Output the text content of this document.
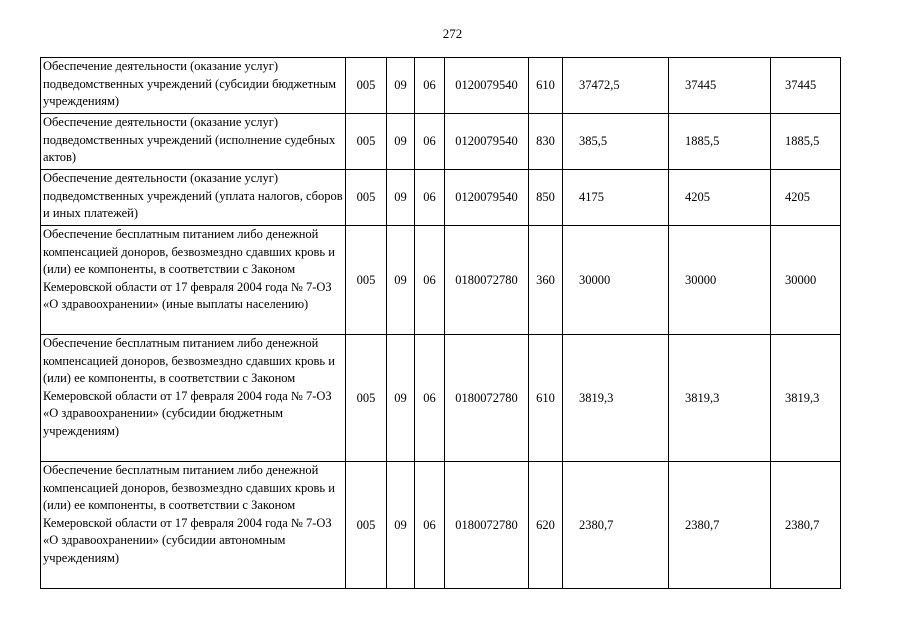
272
Обеспечение деятельности (оказание услуг) подведомственных учреждений (субсидии бюджетным учреждениям)	005	09	06	0120079540	610	37472,5	37445	37445
Обеспечение деятельности (оказание услуг) подведомственных учреждений (исполнение судебных актов)	005	09	06	0120079540	830	385,5	1885,5	1885,5
Обеспечение деятельности (оказание услуг) подведомственных учреждений (уплата налогов, сборов и иных платежей)	005	09	06	0120079540	850	4175	4205	4205
Обеспечение бесплатным питанием либо денежной компенсацией доноров, безвозмездно сдавших кровь и (или) ее компоненты, в соответствии с Законом Кемеровской области от 17 февраля 2004 года № 7-ОЗ «О здравоохранении» (иные выплаты населению)	005	09	06	0180072780	360	30000	30000	30000
Обеспечение бесплатным питанием либо денежной компенсацией доноров, безвозмездно сдавших кровь и (или) ее компоненты, в соответствии с Законом Кемеровской области от 17 февраля 2004 года № 7-ОЗ «О здравоохранении» (субсидии бюджетным учреждениям)	005	09	06	0180072780	610	3819,3	3819,3	3819,3
Обеспечение бесплатным питанием либо денежной компенсацией доноров, безвозмездно сдавших кровь и (или) ее компоненты, в соответствии с Законом Кемеровской области от 17 февраля 2004 года № 7-ОЗ «О здравоохранении» (субсидии автономным учреждениям)	005	09	06	0180072780	620	2380,7	2380,7	2380,7
